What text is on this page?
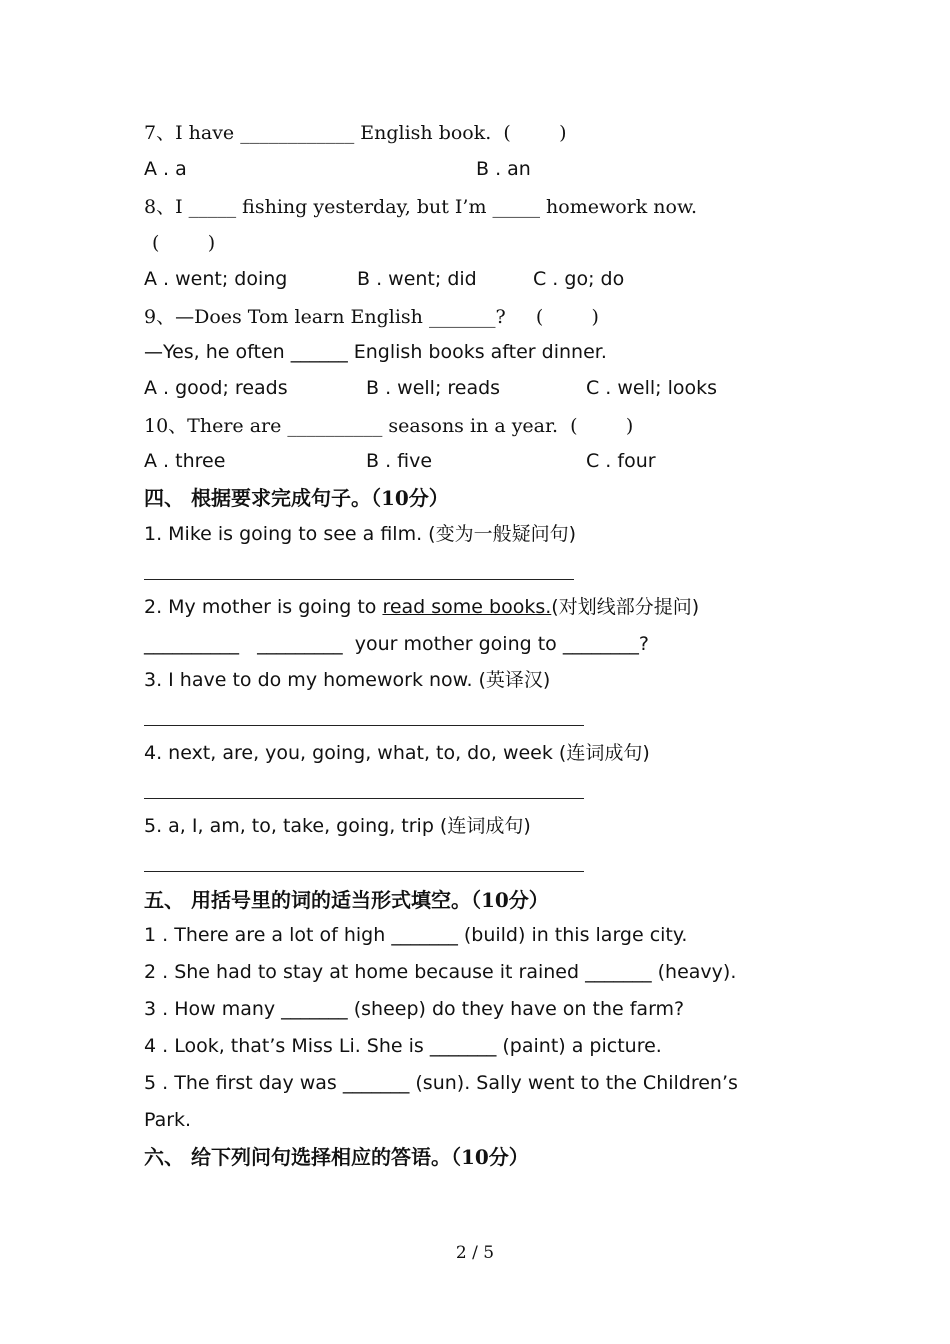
7、I have ____________ English book.  (        )
A . a	B . an
8、I _____ fishing yesterday, but I’m _____ homework now.
(        )
A . went; doing	B . went; did	C . go; do
9、—Does Tom learn English _______?     (        )
—Yes, he often ______ English books after dinner.
A . good; reads	B . well; reads	C . well; looks
10、There are __________ seasons in a year.  (        )
A . three	B . five	C . four
四、 根据要求完成句子。（10分）
1. Mike is going to see a film. (变为一般疑问句)
2. My mother is going to read some books.(对划线部分提问)
__________   _________  your mother going to ________?
3. I have to do my homework now. (英译汉)
4. next, are, you, going, what, to, do, week (连词成句)
5. a, I, am, to, take, going, trip (连词成句)
五、 用括号里的词的适当形式填空。（10分）
1 . There are a lot of high _______ (build) in this large city.
2 . She had to stay at home because it rained _______ (heavy).
3 . How many _______ (sheep) do they have on the farm?
4 . Look, that’s Miss Li. She is _______ (paint) a picture.
5 . The first day was _______ (sun). Sally went to the Children’s
Park.
六、 给下列问句选择相应的答语。（10分）
2 / 5
